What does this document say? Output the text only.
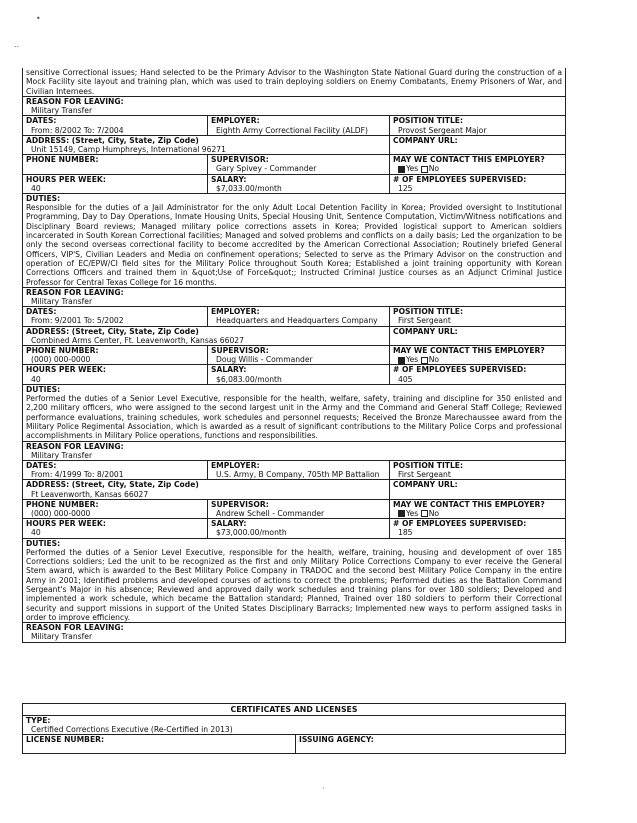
•
..
sensitive Correctional issues; Hand selected to be the Primary Advisor to the Washington State National Guard during the construction of a Mock Facility site layout and training plan, which was used to train deploying soldiers on Enemy Combatants, Enemy Prisoners of War, and Civilian Internees.
REASON FOR LEAVING:
Military Transfer
DATES:
From: 8/2002 To: 7/2004
EMPLOYER:
Eighth Army Correctional Facility (ALDF)
POSITION TITLE:
Provost Sergeant Major
ADDRESS: (Street, City, State, Zip Code)
Unit 15149, Camp Humphreys, International 96271
COMPANY URL:
PHONE NUMBER:	SUPERVISOR:
Gary Spivey - Commander
MAY WE CONTACT THIS EMPLOYER?
Yes No
HOURS PER WEEK:
40
SALARY:
$7,033.00/month
# OF EMPLOYEES SUPERVISED:
125
DUTIES:
Responsible for the duties of a Jail Administrator for the only Adult Local Detention Facility in Korea; Provided oversight to Institutional Programming, Day to Day Operations, Inmate Housing Units, Special Housing Unit, Sentence Computation, Victim/Witness notifications and Disciplinary Board reviews; Managed military police corrections assets in Korea; Provided logistical support to American soldiers incarcerated in South Korean Correctional facilities; Managed and solved problems and conflicts on a daily basis; Led the organization to be only the second overseas correctional facility to become accredited by the American Correctional Association; Routinely briefed General Officers, VIP'S, Civilian Leaders and Media on confinement operations; Selected to serve as the Primary Advisor on the construction and operation of EC/EPW/CI field sites for the Military Police throughout South Korea; Established a joint training opportunity with Korean Corrections Officers and trained them in &quot;Use of Force&quot;; Instructed Criminal Justice courses as an Adjunct Criminal Justice Professor for Central Texas College for 16 months.
REASON FOR LEAVING:
Military Transfer
DATES:
From: 9/2001 To: 5/2002
EMPLOYER:
Headquarters and Headquarters Company
POSITION TITLE:
First Sergeant
ADDRESS: (Street, City, State, Zip Code)
Combined Arms Center, Ft. Leavenworth, Kansas 66027
COMPANY URL:
PHONE NUMBER:
(000) 000-0000
SUPERVISOR:
Doug Willis - Commander
MAY WE CONTACT THIS EMPLOYER?
Yes No
HOURS PER WEEK:
40
SALARY:
$6,083.00/month
# OF EMPLOYEES SUPERVISED:
405
DUTIES:
Performed the duties of a Senior Level Executive, responsible for the health, welfare, safety, training and discipline for 350 enlisted and 2,200 military officers, who were assigned to the second largest unit in the Army and the Command and General Staff College; Reviewed performance evaluations, training schedules, work schedules and personnel requests; Received the Bronze Marechaussee award from the Military Police Regimental Association, which is awarded as a result of significant contributions to the Military Police Corps and professional accomplishments in Military Police operations, functions and responsibilities.
REASON FOR LEAVING:
Military Transfer
DATES:
From: 4/1999 To: 8/2001
EMPLOYER:
U.S. Army, B Company, 705th MP Battalion
POSITION TITLE:
First Sergeant
ADDRESS: (Street, City, State, Zip Code)
Ft Leavenworth, Kansas 66027
COMPANY URL:
PHONE NUMBER:
(000) 000-0000
SUPERVISOR:
Andrew Schell - Commander
MAY WE CONTACT THIS EMPLOYER?
Yes No
HOURS PER WEEK:
40
SALARY:
$73,000.00/month
# OF EMPLOYEES SUPERVISED:
185
DUTIES:
Performed the duties of a Senior Level Executive, responsible for the health, welfare, training, housing and development of over 185 Corrections soldiers; Led the unit to be recognized as the first and only Military Police Corrections Company to ever receive the General Stem award, which is awarded to the Best Military Police Company in TRADOC and the second best Military Police Company in the entire Army in 2001; Identified problems and developed courses of actions to correct the problems; Performed duties as the Battalion Command Sergeant's Major in his absence; Reviewed and approved daily work schedules and training plans for over 180 soldiers; Developed and implemented a work schedule, which became the Battalion standard; Planned, Trained over 180 soldiers to perform their Correctional security and support missions in support of the United States Disciplinary Barracks; Implemented new ways to perform assigned tasks in order to improve efficiency.
REASON FOR LEAVING:
Military Transfer
CERTIFICATES AND LICENSES
TYPE:
Certified Corrections Executive (Re-Certified in 2013)
LICENSE NUMBER:	ISSUING AGENCY:
·
